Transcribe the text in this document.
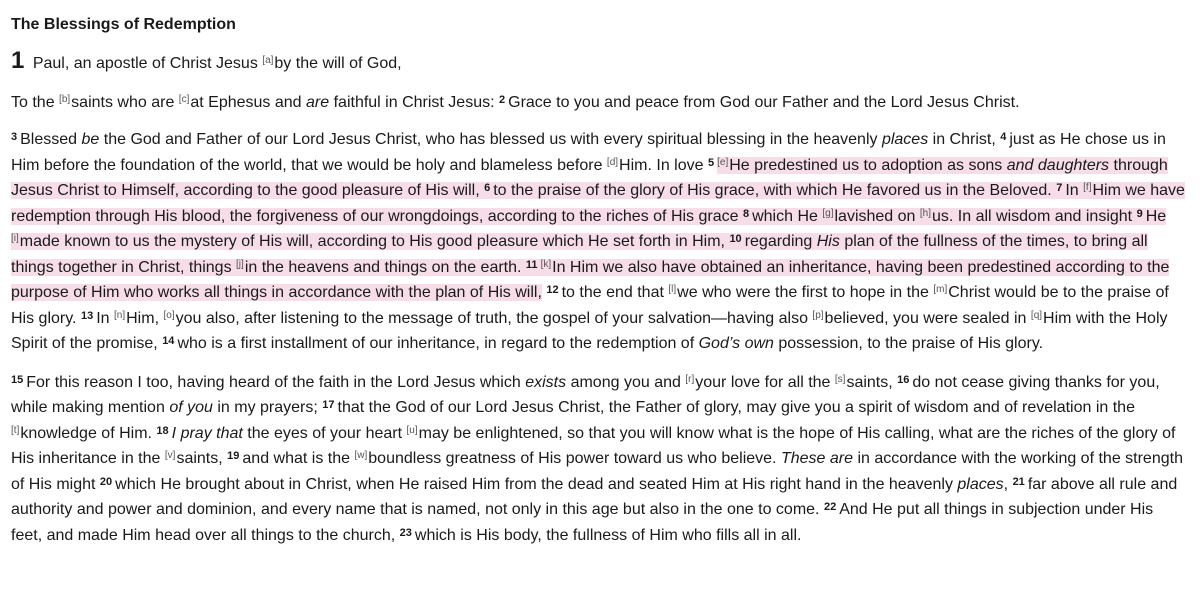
The Blessings of Redemption

1 Paul, an apostle of Christ Jesus [ $^a$ ] by the will of God,

To the [ $^b$ ] saints who are [ $^c$ ] at Ephesus and are faithful in Christ Jesus: $^2$ Grace to you and peace from God our Father and the Lord Jesus Christ.

$^3$ Blessed be the God and Father of our Lord Jesus Christ, who has blessed us with every spiritual blessing in the heavenly places in Christ, $^4$ just as He chose us in Him before the foundation of the world, that we would be holy and blameless before [ $^d$ ] Him. In love $^5$ [ $^e$ ] He predestined us to adoption as sons and daughters through Jesus Christ to Himself, according to the good pleasure of His will, $^6$ to the praise of the glory of His grace, with which He favored us in the Beloved. $^7$ In [ $^f$ ] Him we have redemption through His blood, the forgiveness of our wrongdoings, according to the riches of His grace $^8$ which He [ $^g$ ] lavished on [ $^h$ ] us. In all wisdom and insight $^9$ He [ $^i$ ] made known to us the mystery of His will, according to His good pleasure which He set forth in Him, $^{10}$ regarding His plan of the fullness of the times, to bring all things together in Christ, things [ $^j$ ] in the heavens and things on the earth. $^{11}$ [ $^k$ ] In Him we also have obtained an inheritance, having been predestined according to the purpose of Him who works all things in accordance with the plan of His will, $^{12}$ to the end that [ $^l$ ] we who were the first to hope in the [ $^m$ ] Christ would be to the praise of His glory. $^{13}$ In [ $^n$ ] Him, [ $^o$ ] you also, after listening to the message of truth, the gospel of your salvation—having also [ $^p$ ] believed, you were sealed in [ $^q$ ] Him with the Holy Spirit of the promise, $^{14}$ who is a first installment of our inheritance, in regard to the redemption of God’s own possession, to the praise of His glory.

$^{15}$ For this reason I too, having heard of the faith in the Lord Jesus which exists among you and [ $^r$ ] your love for all the [ $^s$ ] saints, $^{16}$ do not cease giving thanks for you, while making mention of you in my prayers; $^{17}$ that the God of our Lord Jesus Christ, the Father of glory, may give you a spirit of wisdom and of revelation in the [ $^t$ ] knowledge of Him. $^{18}$ I pray that the eyes of your heart [ $^u$ ] may be enlightened, so that you will know what is the hope of His calling, what are the riches of the glory of His inheritance in the [ $^v$ ] saints, $^{19}$ and what is the [ $^w$ ] boundless greatness of His power toward us who believe. These are in accordance with the working of the strength of His might $^{20}$ which He brought about in Christ, when He raised Him from the dead and seated Him at His right hand in the heavenly places, $^{21}$ far above all rule and authority and power and dominion, and every name that is named, not only in this age but also in the one to come. $^{22}$ And He put all things in subjection under His feet, and made Him head over all things to the church, $^{23}$ which is His body, the fullness of Him who fills all in all.
